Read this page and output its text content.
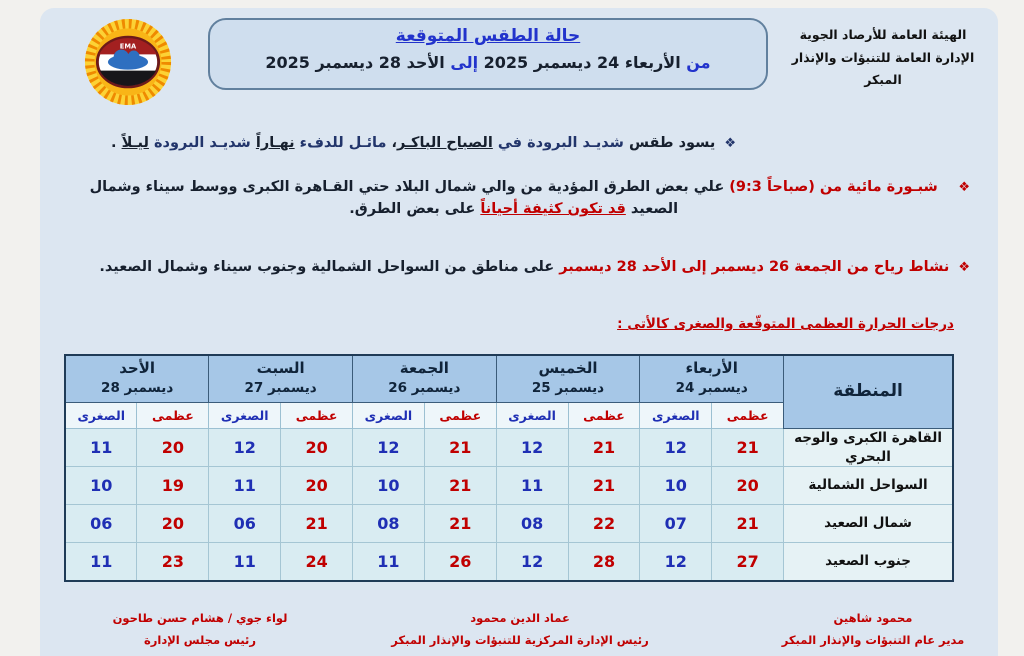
الهيئة العامة للأرصاد الجوية
الإدارة العامة للتنبؤات والإنذار المبكر
حالة الطقس المتوقعة
من الأربعاء 24 ديسمبر 2025 إلى الأحد 28 ديسمبر 2025
EMA
❖
يسود طقس شديـد البرودة في الصباح الباكـر، مائـل للدفء نهـاراً شديـد البرودة ليـلاً .
❖
شبـورة مائية من (9:3 صباحاً) علي بعض الطرق المؤدية من والي شمال البلاد حتي القـاهرة الكبرى ووسط سيناء وشمال الصعيد قد تكون كثيفة أحياناً على بعض الطرق.
❖
نشاط رياح من الجمعة 26 ديسمبر إلى الأحد 28 ديسمبر على مناطق من السواحل الشمالية وجنوب سيناء وشمال الصعيد.
درجات الحرارة العظمى المتوقّعة والصغرى كالأتى :
المنطقة	
الأربعاء
24 ديسمبر

الخميس
25 ديسمبر

الجمعة
26 ديسمبر

السبت
27 ديسمبر

الأحد
28 ديسمبر

	عظمى	الصغرى	عظمى	الصغرى	عظمى	الصغرى	عظمى	الصغرى	عظمى	الصغرى
القاهرة الكبرى والوجه البحري	21	12	21	12	21	12	20	12	20	11
السواحل الشمالية	20	10	21	11	21	10	20	11	19	10
شمال الصعيد	21	07	22	08	21	08	21	06	20	06
جنوب الصعيد	27	12	28	12	26	11	24	11	23	11
محمود شاهين
مدير عام التنبؤات والإنذار المبكر
عماد الدين محمود
رئيس الإدارة المركزية للتنبؤات والإنذار المبكر
لواء جوي / هشام حسن طاحون
رئيس مجلس الإدارة
